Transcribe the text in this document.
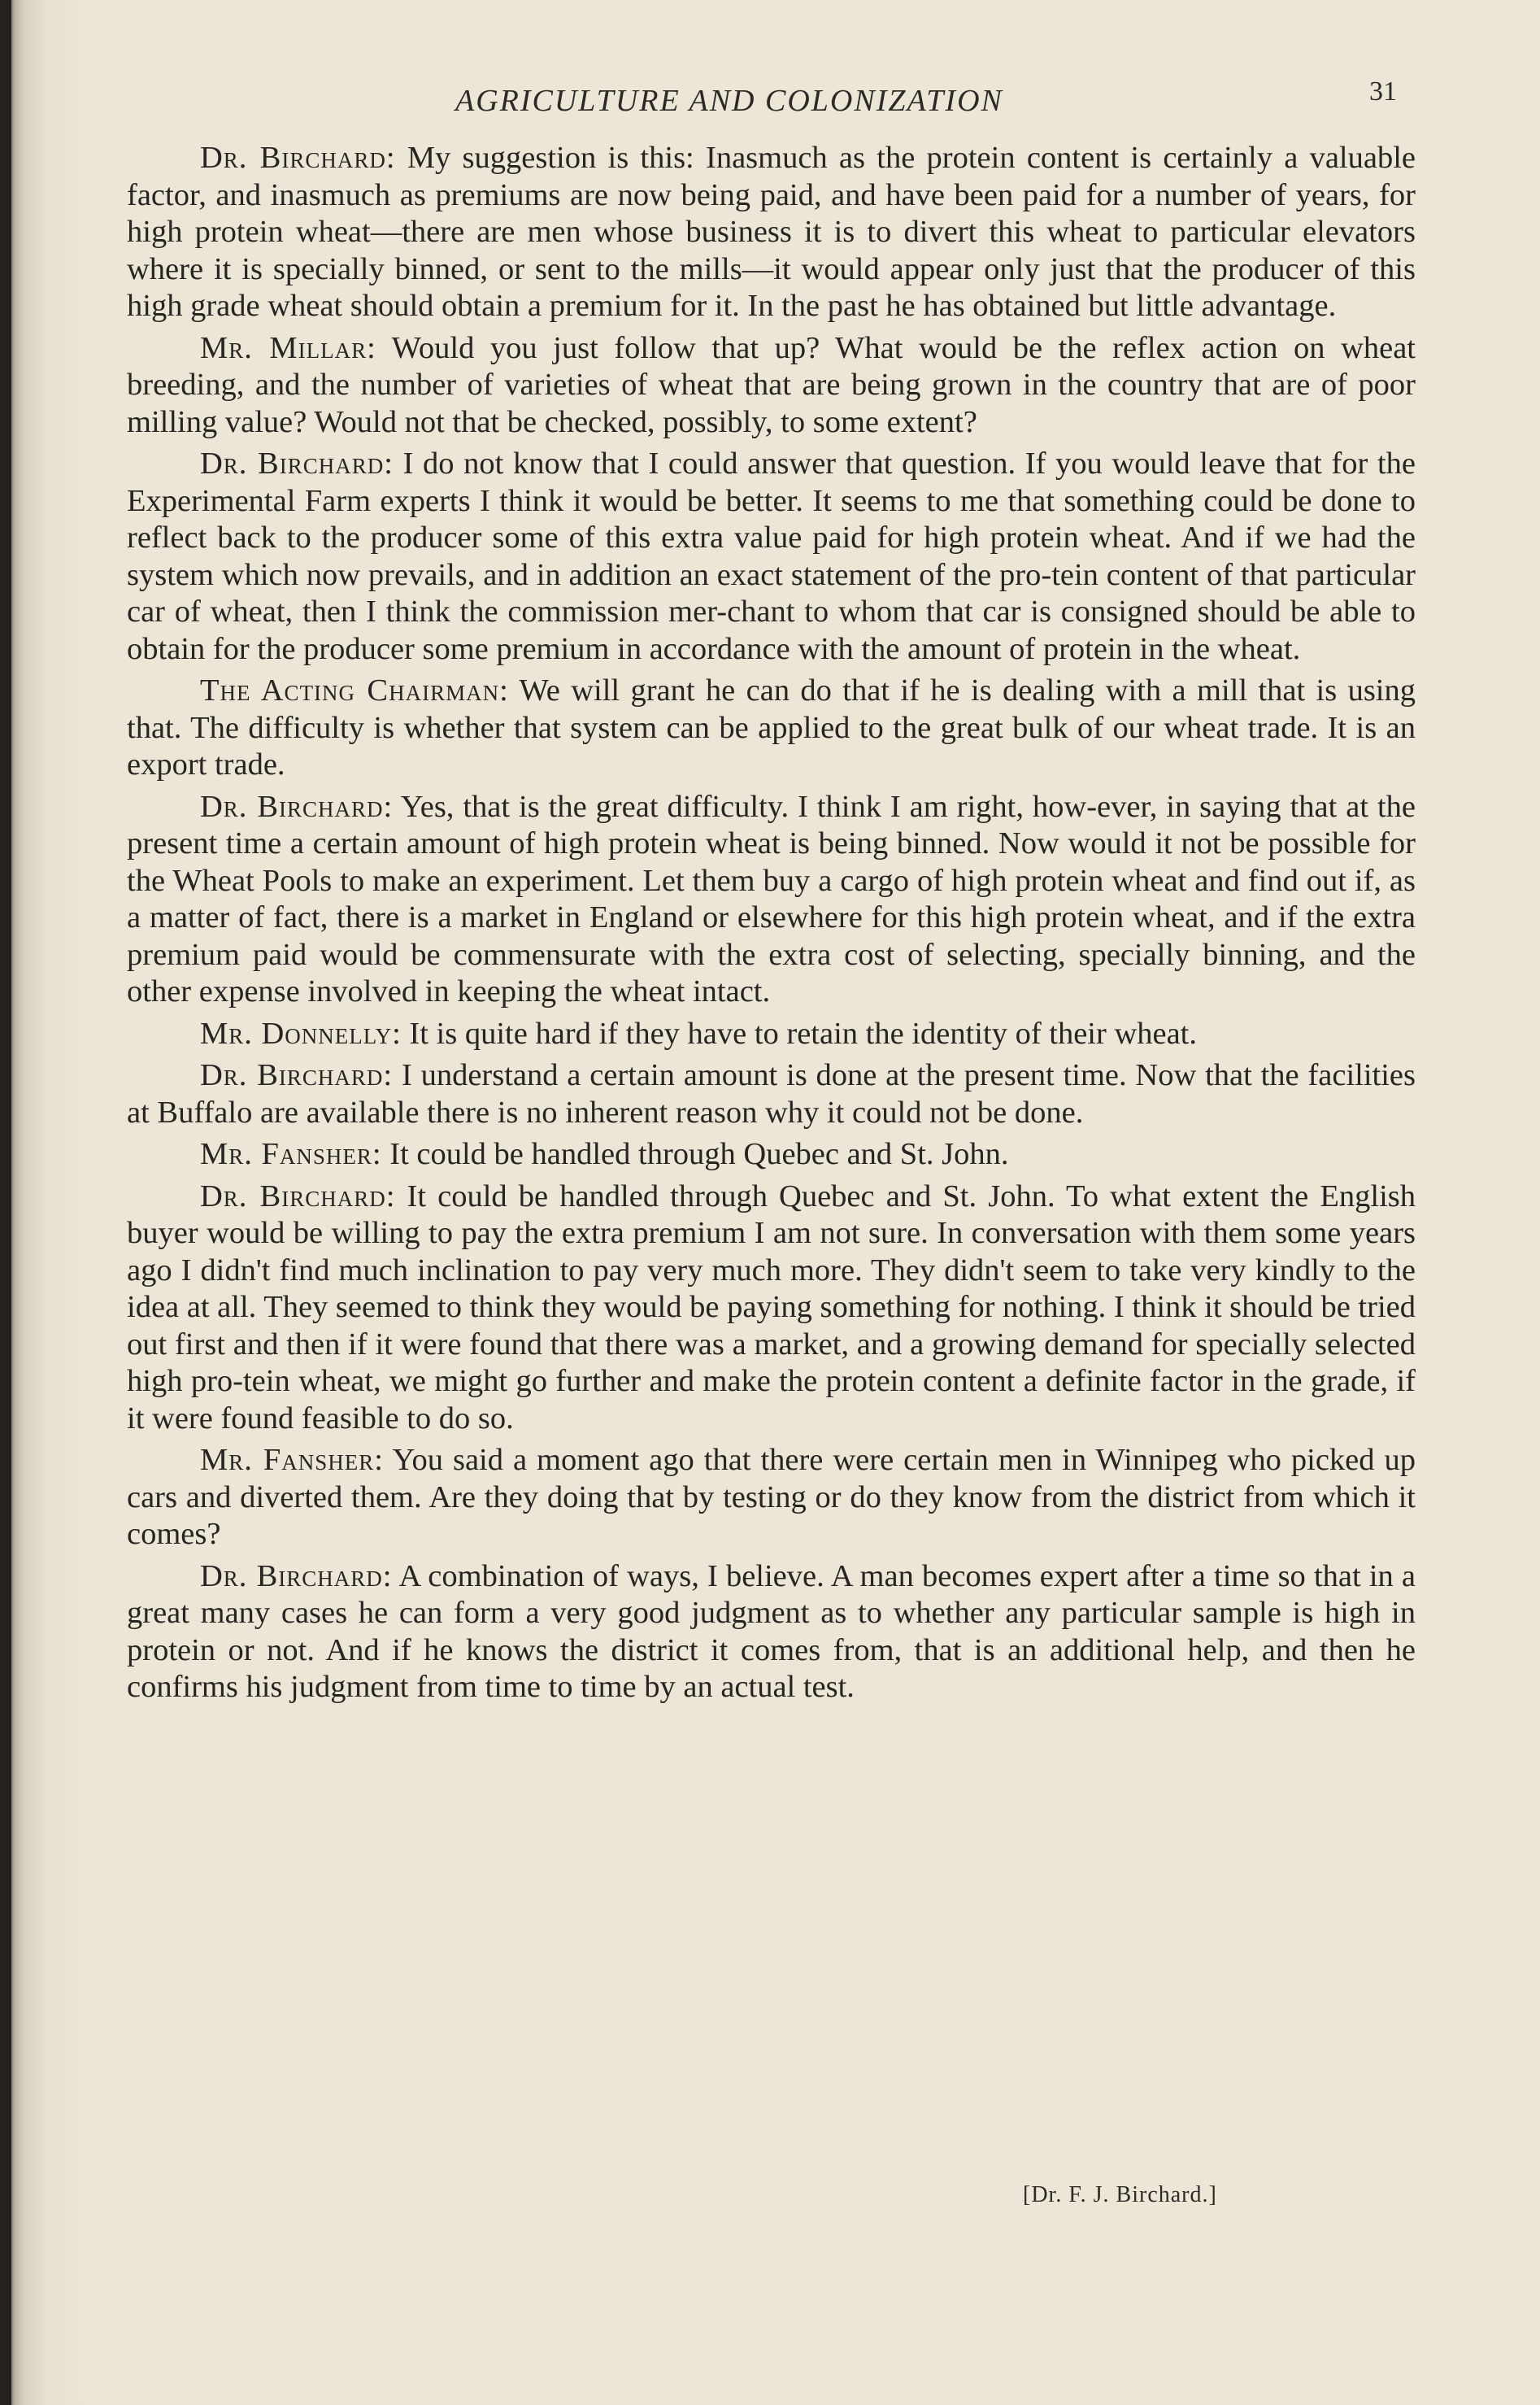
AGRICULTURE AND COLONIZATION	31

Dr. Birchard: My suggestion is this: Inasmuch as the protein content is certainly a valuable factor, and inasmuch as premiums are now being paid, and have been paid for a number of years, for high protein wheat—there are men whose business it is to divert this wheat to particular elevators where it is specially binned, or sent to the mills—it would appear only just that the producer of this high grade wheat should obtain a premium for it. In the past he has obtained but little advantage.

Mr. Millar: Would you just follow that up? What would be the reflex action on wheat breeding, and the number of varieties of wheat that are being grown in the country that are of poor milling value? Would not that be checked, possibly, to some extent?

Dr. Birchard: I do not know that I could answer that question. If you would leave that for the Experimental Farm experts I think it would be better. It seems to me that something could be done to reflect back to the producer some of this extra value paid for high protein wheat. And if we had the system which now prevails, and in addition an exact statement of the pro-tein content of that particular car of wheat, then I think the commission mer-chant to whom that car is consigned should be able to obtain for the producer some premium in accordance with the amount of protein in the wheat.

The Acting Chairman: We will grant he can do that if he is dealing with a mill that is using that. The difficulty is whether that system can be applied to the great bulk of our wheat trade. It is an export trade.

Dr. Birchard: Yes, that is the great difficulty. I think I am right, how-ever, in saying that at the present time a certain amount of high protein wheat is being binned. Now would it not be possible for the Wheat Pools to make an experiment. Let them buy a cargo of high protein wheat and find out if, as a matter of fact, there is a market in England or elsewhere for this high protein wheat, and if the extra premium paid would be commensurate with the extra cost of selecting, specially binning, and the other expense involved in keeping the wheat intact.

Mr. Donnelly: It is quite hard if they have to retain the identity of their wheat.

Dr. Birchard: I understand a certain amount is done at the present time. Now that the facilities at Buffalo are available there is no inherent reason why it could not be done.

Mr. Fansher: It could be handled through Quebec and St. John.

Dr. Birchard: It could be handled through Quebec and St. John. To what extent the English buyer would be willing to pay the extra premium I am not sure. In conversation with them some years ago I didn't find much inclination to pay very much more. They didn't seem to take very kindly to the idea at all. They seemed to think they would be paying something for nothing. I think it should be tried out first and then if it were found that there was a market, and a growing demand for specially selected high pro-tein wheat, we might go further and make the protein content a definite factor in the grade, if it were found feasible to do so.

Mr. Fansher: You said a moment ago that there were certain men in Winnipeg who picked up cars and diverted them. Are they doing that by testing or do they know from the district from which it comes?

Dr. Birchard: A combination of ways, I believe. A man becomes expert after a time so that in a great many cases he can form a very good judgment as to whether any particular sample is high in protein or not. And if he knows the district it comes from, that is an additional help, and then he confirms his judgment from time to time by an actual test.

[Dr. F. J. Birchard.]
